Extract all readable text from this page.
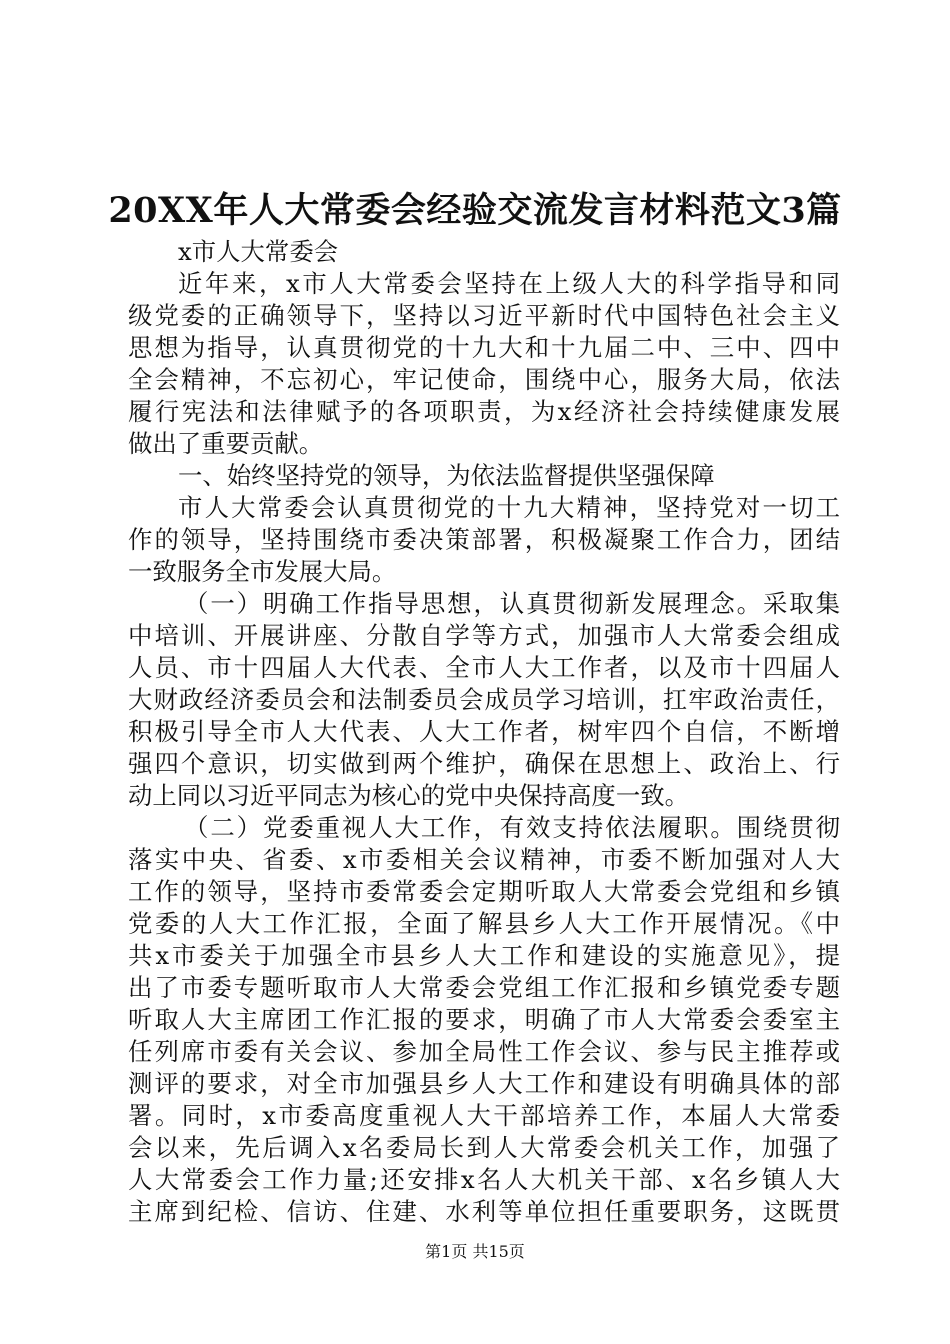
20XX年人大常委会经验交流发言材料范文3篇
x市人大常委会
近年来，x市人大常委会坚持在上级人大的科学指导和同
级党委的正确领导下，坚持以习近平新时代中国特色社会主义
思想为指导，认真贯彻党的十九大和十九届二中、三中、四中
全会精神，不忘初心，牢记使命，围绕中心，服务大局，依法
履行宪法和法律赋予的各项职责，为x经济社会持续健康发展
做出了重要贡献。
一、始终坚持党的领导，为依法监督提供坚强保障
市人大常委会认真贯彻党的十九大精神，坚持党对一切工
作的领导，坚持围绕市委决策部署，积极凝聚工作合力，团结
一致服务全市发展大局。
（一）明确工作指导思想，认真贯彻新发展理念。采取集
中培训、开展讲座、分散自学等方式，加强市人大常委会组成
人员、市十四届人大代表、全市人大工作者，以及市十四届人
大财政经济委员会和法制委员会成员学习培训，扛牢政治责任，
积极引导全市人大代表、人大工作者，树牢四个自信，不断增
强四个意识，切实做到两个维护，确保在思想上、政治上、行
动上同以习近平同志为核心的党中央保持高度一致。
（二）党委重视人大工作，有效支持依法履职。围绕贯彻
落实中央、省委、x市委相关会议精神，市委不断加强对人大
工作的领导，坚持市委常委会定期听取人大常委会党组和乡镇
党委的人大工作汇报，全面了解县乡人大工作开展情况。《中
共x市委关于加强全市县乡人大工作和建设的实施意见》，提
出了市委专题听取市人大常委会党组工作汇报和乡镇党委专题
听取人大主席团工作汇报的要求，明确了市人大常委会委室主
任列席市委有关会议、参加全局性工作会议、参与民主推荐或
测评的要求，对全市加强县乡人大工作和建设有明确具体的部
署。同时，x市委高度重视人大干部培养工作，本届人大常委
会以来，先后调入x名委局长到人大常委会机关工作，加强了
人大常委会工作力量;还安排x名人大机关干部、x名乡镇人大
主席到纪检、信访、住建、水利等单位担任重要职务，这既贯
第1页 共15页
